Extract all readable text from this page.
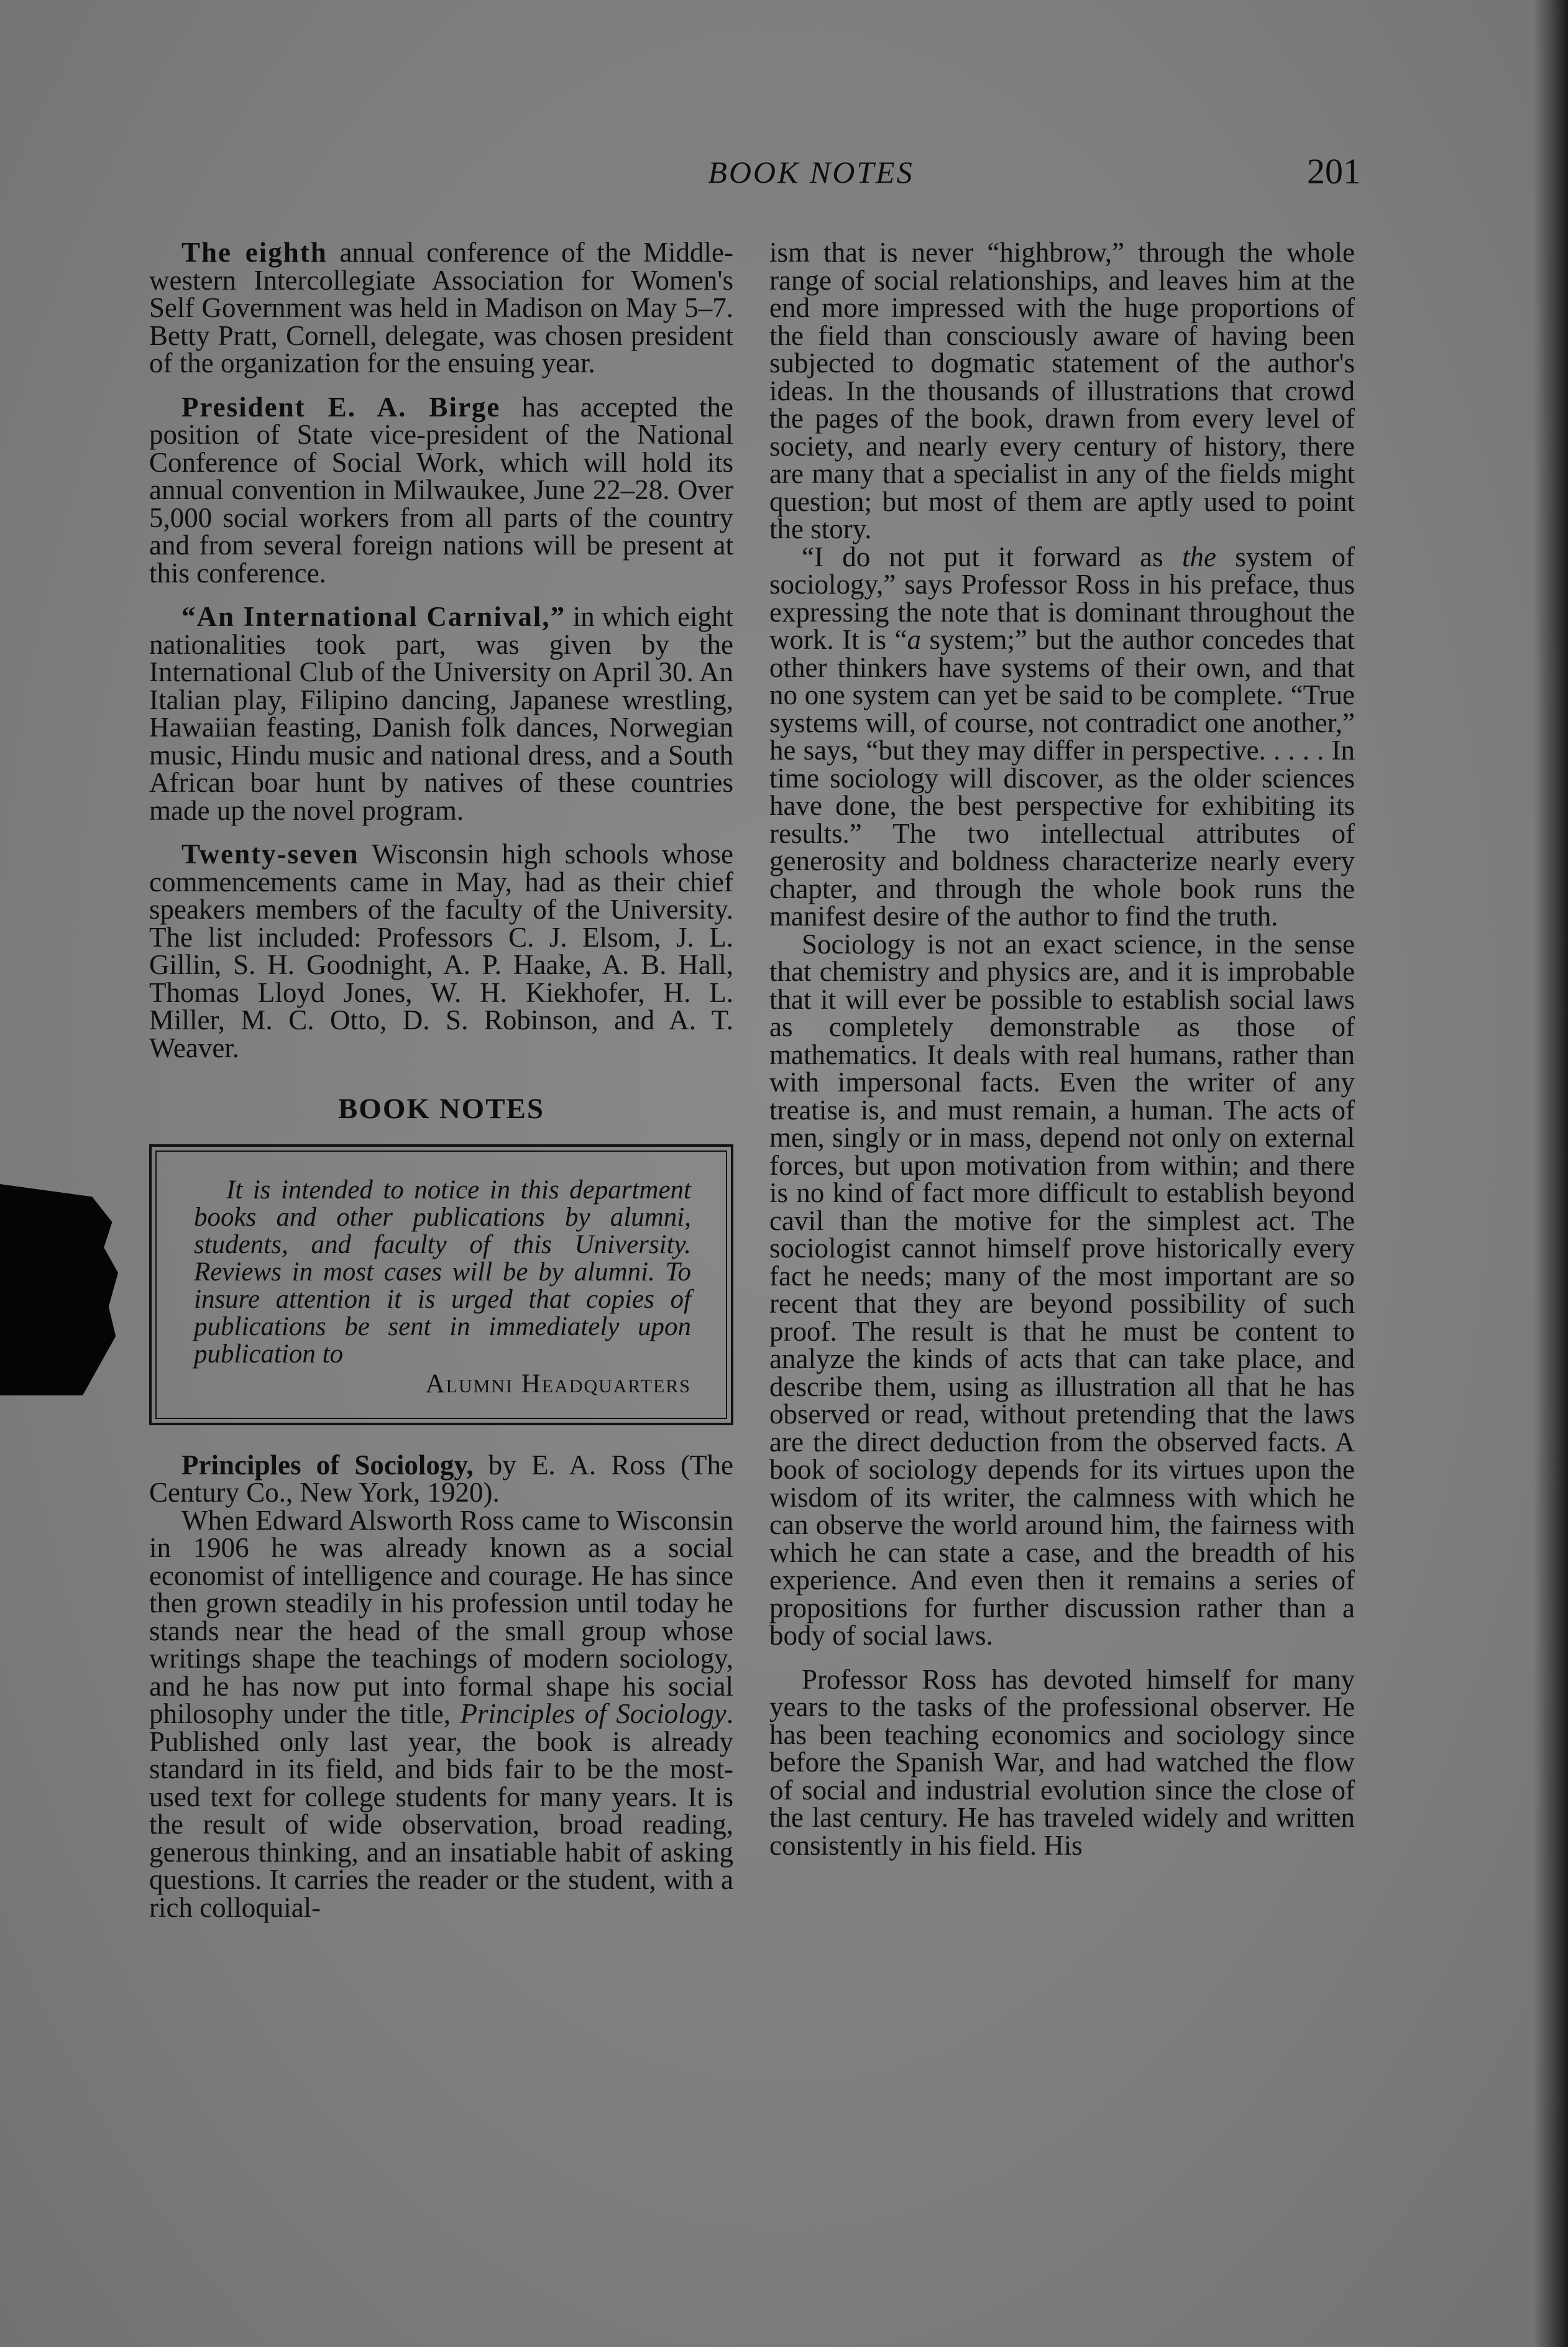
BOOK NOTES	201

The eighth annual conference of the Middle-western Intercollegiate Association for Women's Self Government was held in Madison on May 5–7. Betty Pratt, Cornell, delegate, was chosen president of the organization for the ensuing year.

President E. A. Birge has accepted the position of State vice-president of the National Conference of Social Work, which will hold its annual convention in Milwaukee, June 22–28. Over 5,000 social workers from all parts of the country and from several foreign nations will be present at this conference.

“An International Carnival,” in which eight nationalities took part, was given by the International Club of the University on April 30. An Italian play, Filipino dancing, Japanese wrestling, Hawaiian feasting, Danish folk dances, Norwegian music, Hindu music and national dress, and a South African boar hunt by natives of these countries made up the novel program.

Twenty-seven Wisconsin high schools whose commencements came in May, had as their chief speakers members of the faculty of the University. The list included: Professors C. J. Elsom, J. L. Gillin, S. H. Goodnight, A. P. Haake, A. B. Hall, Thomas Lloyd Jones, W. H. Kiekhofer, H. L. Miller, M. C. Otto, D. S. Robinson, and A. T. Weaver.

BOOK NOTES
It is intended to notice in this department books and other publications by alumni, students, and faculty of this University. Reviews in most cases will be by alumni. To insure attention it is urged that copies of publications be sent in immediately upon publication to
Alumni Headquarters

Principles of Sociology, by E. A. Ross (The Century Co., New York, 1920).

When Edward Alsworth Ross came to Wisconsin in 1906 he was already known as a social economist of intelligence and courage. He has since then grown steadily in his profession until today he stands near the head of the small group whose writings shape the teachings of modern sociology, and he has now put into formal shape his social philosophy under the title, Principles of Sociology. Published only last year, the book is already standard in its field, and bids fair to be the most-used text for college students for many years. It is the result of wide observation, broad reading, generous thinking, and an insatiable habit of asking questions. It carries the reader or the student, with a rich colloquial-

ism that is never “highbrow,” through the whole range of social relationships, and leaves him at the end more impressed with the huge proportions of the field than consciously aware of having been subjected to dogmatic statement of the author's ideas. In the thousands of illustrations that crowd the pages of the book, drawn from every level of society, and nearly every century of history, there are many that a specialist in any of the fields might question; but most of them are aptly used to point the story.

“I do not put it forward as the system of sociology,” says Professor Ross in his preface, thus expressing the note that is dominant throughout the work. It is “a system;” but the author concedes that other thinkers have systems of their own, and that no one system can yet be said to be complete. “True systems will, of course, not contradict one another,” he says, “but they may differ in perspective. . . . . In time sociology will discover, as the older sciences have done, the best perspective for exhibiting its results.” The two intellectual attributes of generosity and boldness characterize nearly every chapter, and through the whole book runs the manifest desire of the author to find the truth.

Sociology is not an exact science, in the sense that chemistry and physics are, and it is improbable that it will ever be possible to establish social laws as completely demonstrable as those of mathematics. It deals with real humans, rather than with impersonal facts. Even the writer of any treatise is, and must remain, a human. The acts of men, singly or in mass, depend not only on external forces, but upon motivation from within; and there is no kind of fact more difficult to establish beyond cavil than the motive for the simplest act. The sociologist cannot himself prove historically every fact he needs; many of the most important are so recent that they are beyond possibility of such proof. The result is that he must be content to analyze the kinds of acts that can take place, and describe them, using as illustration all that he has observed or read, without pretending that the laws are the direct deduction from the observed facts. A book of sociology depends for its virtues upon the wisdom of its writer, the calmness with which he can observe the world around him, the fairness with which he can state a case, and the breadth of his experience. And even then it remains a series of propositions for further discussion rather than a body of social laws.

Professor Ross has devoted himself for many years to the tasks of the professional observer. He has been teaching economics and sociology since before the Spanish War, and had watched the flow of social and industrial evolution since the close of the last century. He has traveled widely and written consistently in his field. His
